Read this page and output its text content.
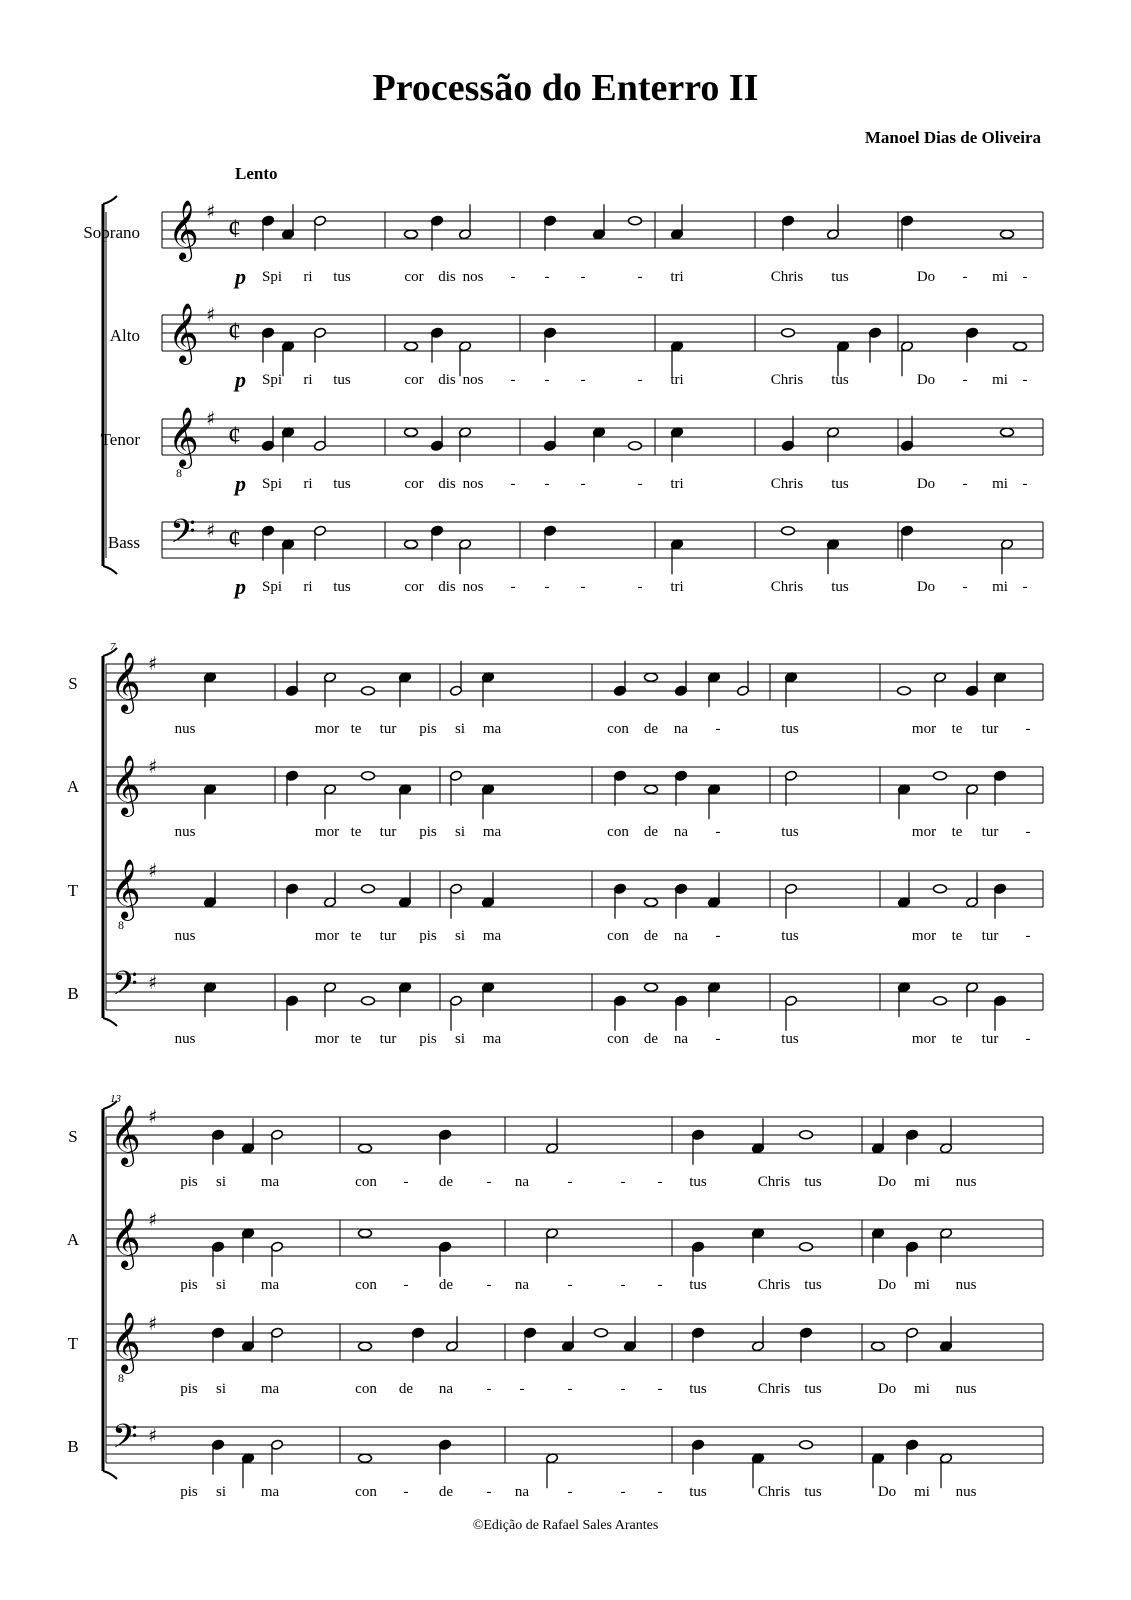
Processão do Enterro II
Manoel Dias de Oliveira
Lento
©Edição de Rafael Sales Arantes
Soprano
Alto
Tenor
Bass
S
A
T
B
S
A
T
B
7
13
p Spi ri tus	cor dis nos - - -	- tri	Chris tus	Do - mi -
p Spi ri tus	cor dis nos - - -	- tri	Chris tus	Do - mi -
p Spi ri tus	cor dis nos - - -	- tri	Chris tus	Do - mi -
p Spi ri tus	cor dis nos - - -	- tri	Chris tus	Do - mi -
nus	mor te tur pis si ma	con de na -	tus	mor te tur -
nus	mor te tur pis si ma	con de na -	tus	mor te tur -
nus	mor te tur pis si ma	con de na -	tus	mor te tur -
nus	mor te tur pis si ma	con de na -	tus	mor te tur -
pis si ma	con - de - na	-	- - tus	Chris tus	Do mi nus
pis si ma	con - de - na	-	- - tus	Chris tus	Do mi nus
pis si ma	con de na - -	-	- - tus	Chris tus	Do mi nus
pis si ma	con - de - na	-	- - tus	Chris tus	Do mi nus
𝄞 ♯
¢
𝄞 ♯
¢
𝄞
8
♯
¢
𝄢 ♯ ¢
𝄞 ♯
𝄞 ♯
𝄞
8
♯
𝄢 ♯
𝄞 ♯
𝄞 ♯
𝄞
8
♯
𝄢 ♯
